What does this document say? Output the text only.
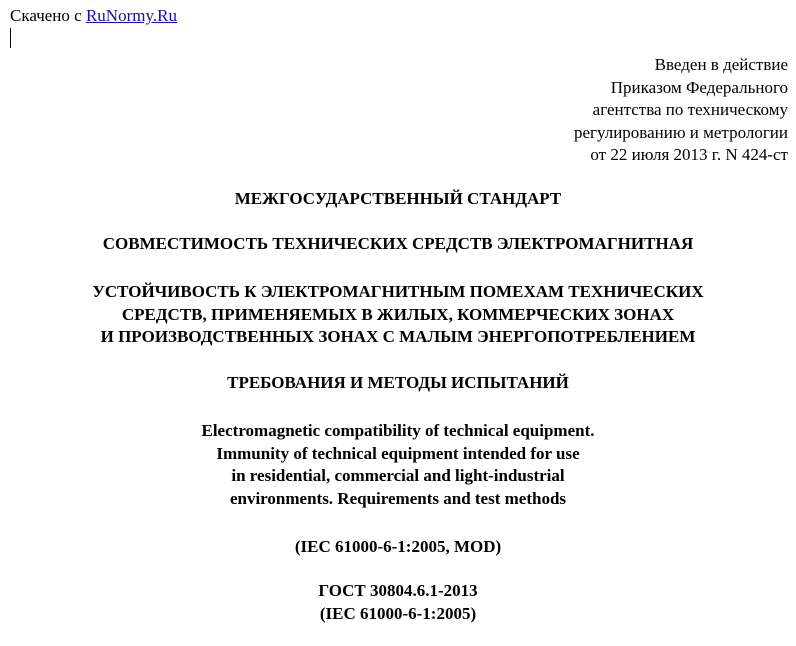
Скачено с RuNormy.Ru
Введен в действие
Приказом Федерального
агентства по техническому
регулированию и метрологии
от 22 июля 2013 г. N 424-ст
МЕЖГОСУДАРСТВЕННЫЙ СТАНДАРТ
СОВМЕСТИМОСТЬ ТЕХНИЧЕСКИХ СРЕДСТВ ЭЛЕКТРОМАГНИТНАЯ
УСТОЙЧИВОСТЬ К ЭЛЕКТРОМАГНИТНЫМ ПОМЕХАМ ТЕХНИЧЕСКИХ
СРЕДСТВ, ПРИМЕНЯЕМЫХ В ЖИЛЫХ, КОММЕРЧЕСКИХ ЗОНАХ
И ПРОИЗВОДСТВЕННЫХ ЗОНАХ С МАЛЫМ ЭНЕРГОПОТРЕБЛЕНИЕМ
ТРЕБОВАНИЯ И МЕТОДЫ ИСПЫТАНИЙ
Electromagnetic compatibility of technical equipment.
Immunity of technical equipment intended for use
in residential, commercial and light-industrial
environments. Requirements and test methods
(IEC 61000-6-1:2005, MOD)
ГОСТ 30804.6.1-2013
(IEC 61000-6-1:2005)
